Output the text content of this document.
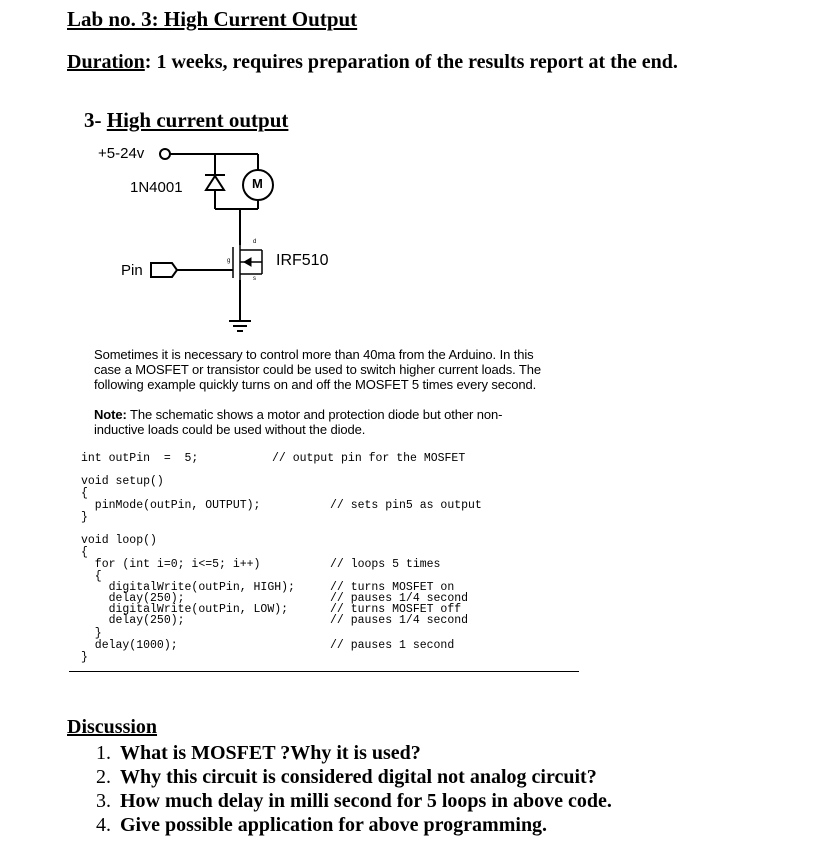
Lab no. 3: High Current Output
Duration: 1 weeks, requires preparation of the results report at the end.
3- High current output
+5-24v
1N4001	M
IRF510
Pin
g
d
s
Sometimes it is necessary to control more than 40ma from the Arduino. In this
case a MOSFET or transistor could be used to switch higher current loads. The
following example quickly turns on and off the MOSFET 5 times every second.
Note: The schematic shows a motor and protection diode but other non-
inductive loads could be used without the diode.
int outPin  =  5;	// output pin for the MOSFET
void setup()
{
pinMode(outPin, OUTPUT);	// sets pin5 as output
}
void loop()
{
for (int i=0; i<=5; i++)	// loops 5 times
{
digitalWrite(outPin, HIGH);
delay(250);
digitalWrite(outPin, LOW);
delay(250);
// turns MOSFET on
// pauses 1/4 second
// turns MOSFET off
// pauses 1/4 second
}
delay(1000);	// pauses 1 second
}
Discussion
1. What is MOSFET ?Why it is used?
2. Why this circuit is considered digital not analog circuit?
3. How much delay in milli second for 5 loops in above code.
4. Give possible application for above programming.
